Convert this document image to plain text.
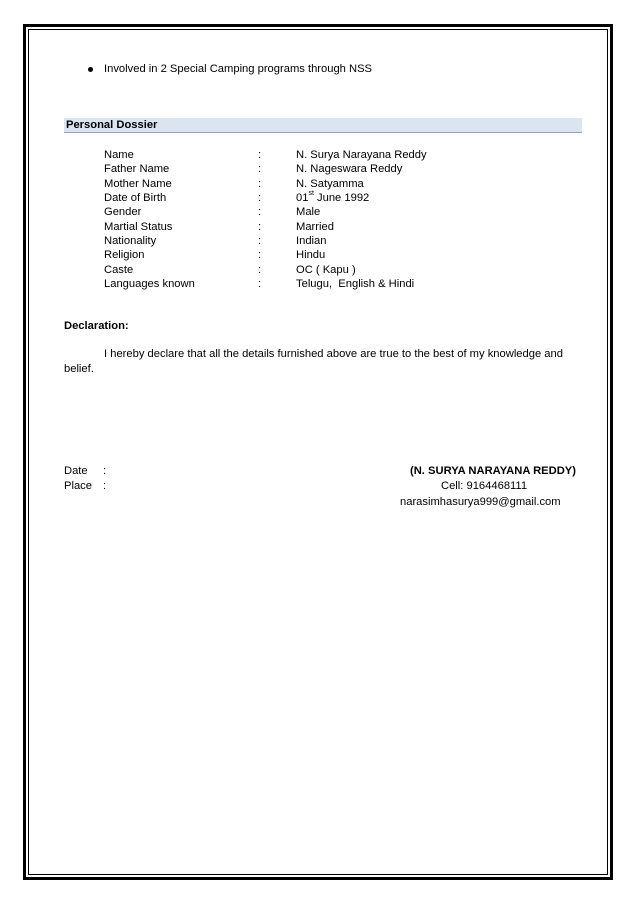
Involved in 2 Special Camping programs through NSS
Personal Dossier
Name	:	N. Surya Narayana Reddy
Father Name	:	N. Nageswara Reddy
Mother Name	:	N. Satyamma
Date of Birth	:	01st June 1992
Gender	:	Male
Martial Status	:	Married
Nationality	:	Indian
Religion	:	Hindu
Caste	:	OC ( Kapu )
Languages known	:	Telugu,  English & Hindi
Declaration:
I hereby declare that all the details furnished above are true to the best of my knowledge and
belief.
Date :
Place :
(N. SURYA NARAYANA REDDY)
Cell: 9164468111
narasimhasurya999@gmail.com
